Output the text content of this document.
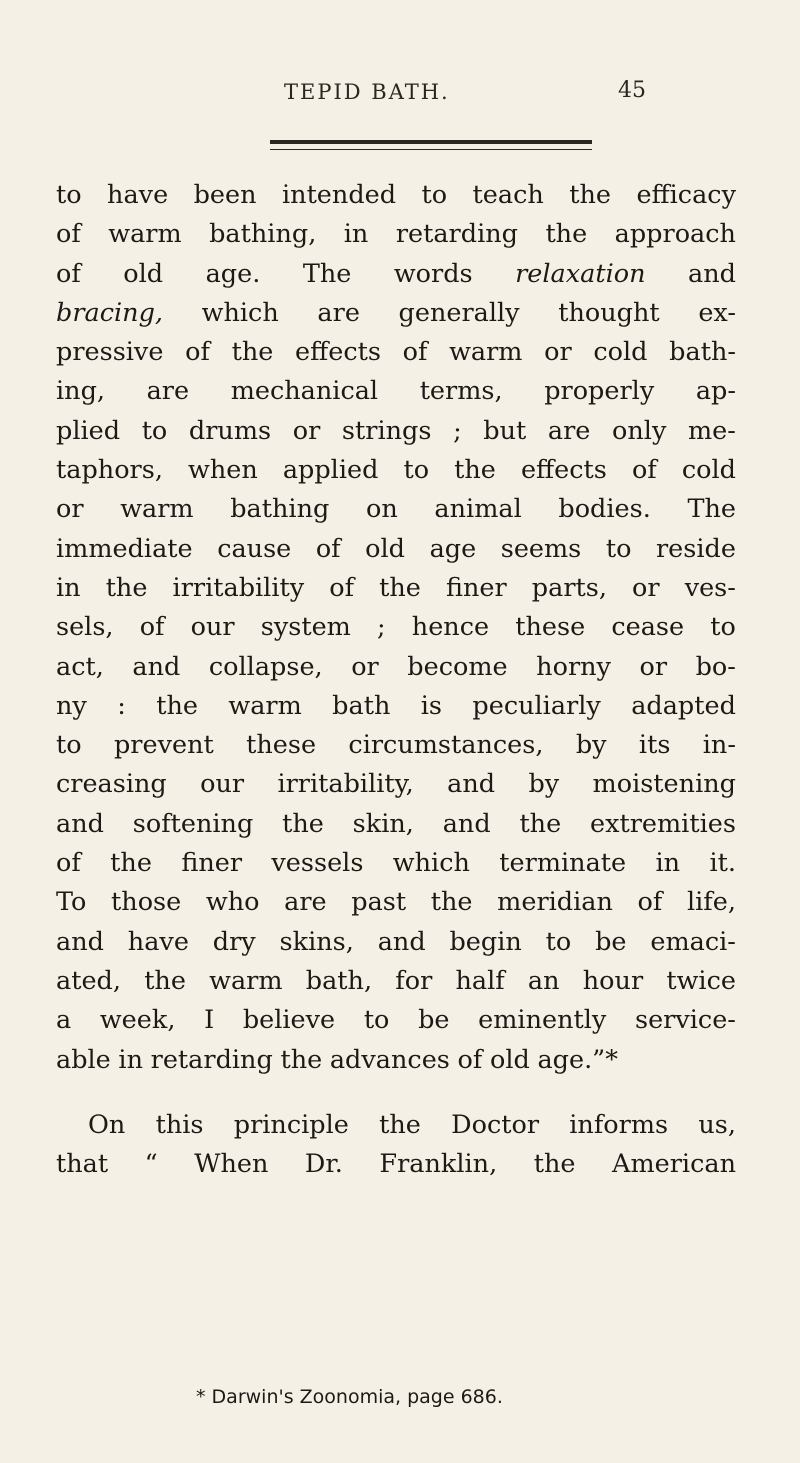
TEPID BATH.	45
to have been intended to teach the efficacy
of warm bathing, in retarding the approach
of old age. The words relaxation and
bracing, which are generally thought ex-
pressive of the effects of warm or cold bath-
ing, are mechanical terms, properly ap-
plied to drums or strings ; but are only me-
taphors, when applied to the effects of cold
or warm bathing on animal bodies. The
immediate cause of old age seems to reside
in the irritability of the finer parts, or ves-
sels, of our system ; hence these cease to
act, and collapse, or become horny or bo-
ny : the warm bath is peculiarly adapted
to prevent these circumstances, by its in-
creasing our irritability, and by moistening
and softening the skin, and the extremities
of the finer vessels which terminate in it.
To those who are past the meridian of life,
and have dry skins, and begin to be emaci-
ated, the warm bath, for half an hour twice
a week, I believe to be eminently service-
able in retarding the advances of old age.”*
On this principle the Doctor informs us,
that “ When Dr. Franklin, the American
* Darwin's Zoonomia, page 686.
